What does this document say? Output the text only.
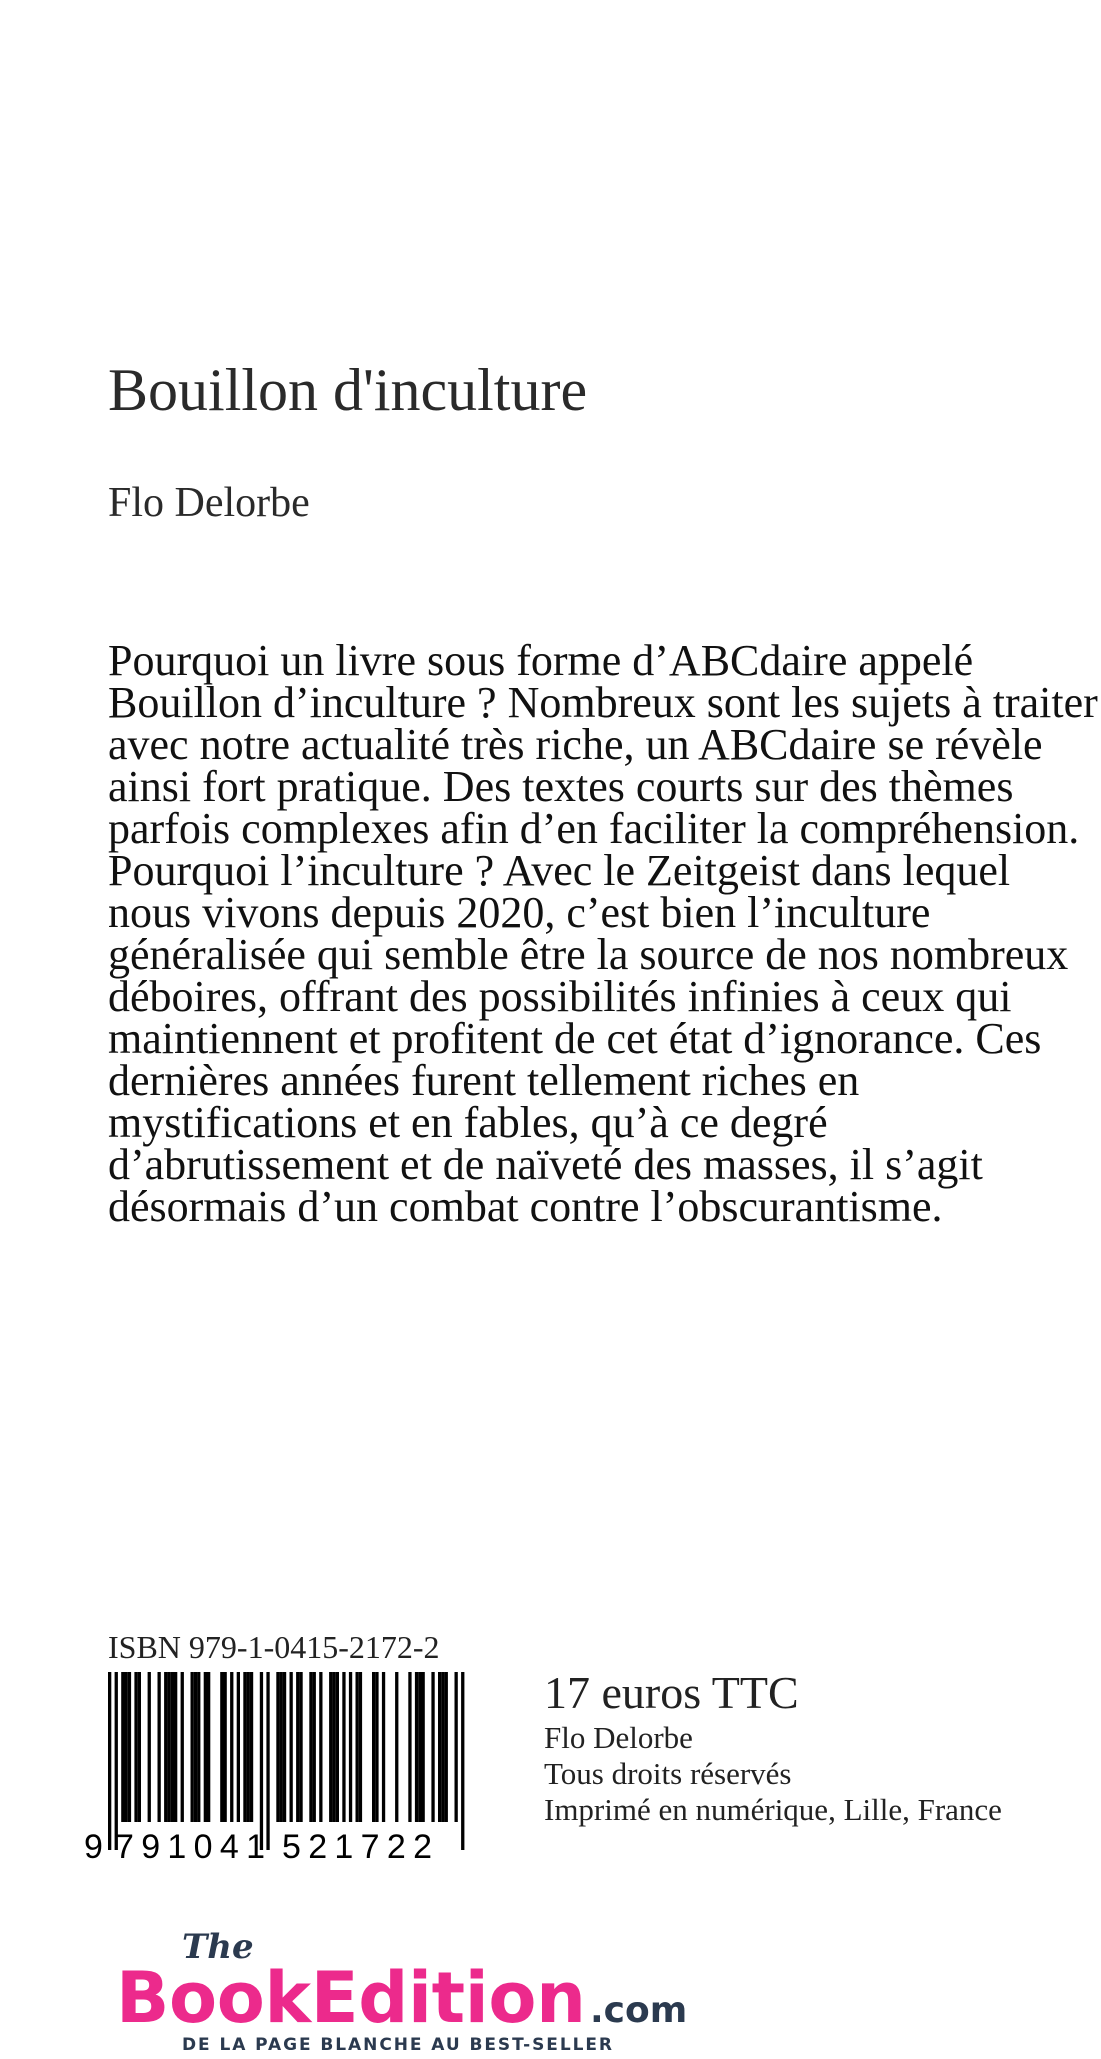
Bouillon d'inculture
Flo Delorbe

Pourquoi un livre sous forme d’ABCdaire appelé Bouillon d’inculture ? Nombreux sont les sujets à traiter avec notre actualité très riche, un ABCdaire se révèle ainsi fort pratique. Des textes courts sur des thèmes parfois complexes afin d’en faciliter la compréhension.

Pourquoi l’inculture ? Avec le Zeitgeist dans lequel nous vivons depuis 2020, c’est bien l’inculture généralisée qui semble être la source de nos nombreux déboires, offrant des possibilités infinies à ceux qui maintiennent et profitent de cet état d’ignorance. Ces dernières années furent tellement riches en mystifications et en fables, qu’à ce degré d’abrutissement et de naïveté des masses, il s’agit désormais d’un combat contre l’obscurantisme.

ISBN 979-1-0415-2172-2
9 791041 521722
17 euros TTC
Flo Delorbe
Tous droits réservés
Imprimé en numérique, Lille, France
The
BookEdition .com
DE LA PAGE BLANCHE AU BEST-SELLER
